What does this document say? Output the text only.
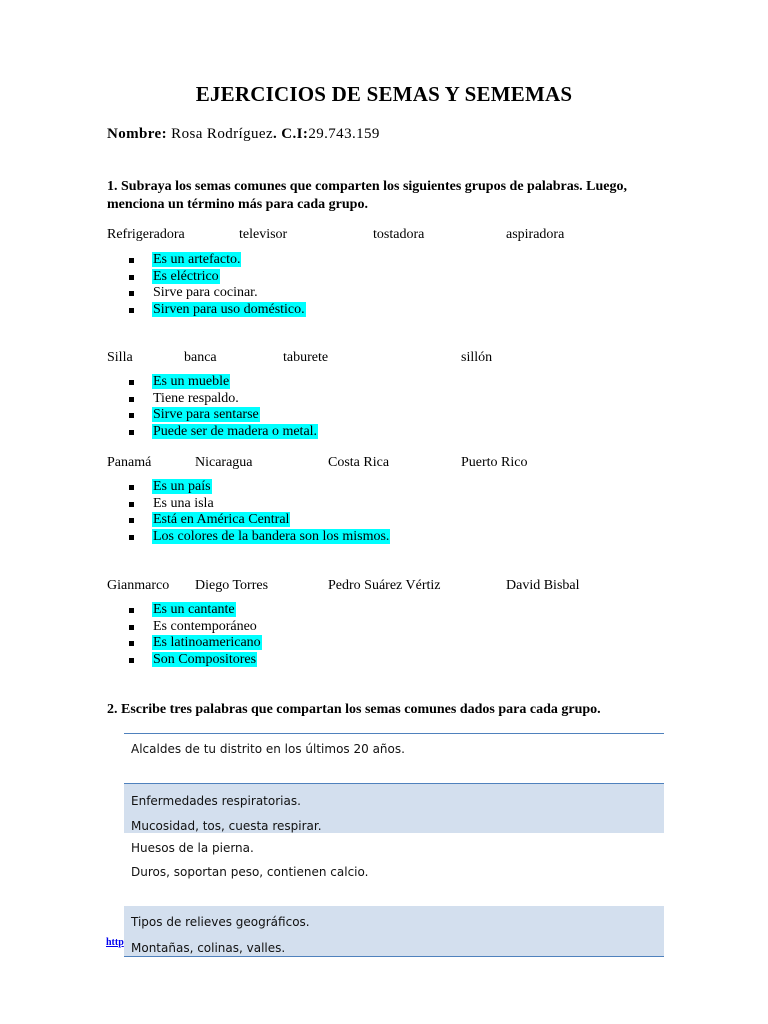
EJERCICIOS DE SEMAS Y SEMEMAS
Nombre: Rosa Rodríguez. C.I:29.743.159
1. Subraya los semas comunes que comparten los siguientes grupos de palabras. Luego, menciona un término más para cada grupo.
Refrigeradora	televisor	tostadora	aspiradora
Es un artefacto.
Es eléctrico
Sirve para cocinar.
Sirven para uso doméstico.
Silla	banca	taburete	sillón
Es un mueble
Tiene respaldo.
Sirve para sentarse
Puede ser de madera o metal.
Panamá	Nicaragua	Costa Rica	Puerto Rico
Es un país
Es una isla
Está en América Central
Los colores de la bandera son los mismos.
Gianmarco Diego Torres	Pedro Suárez Vértiz	David Bisbal
Es un cantante
Es contemporáneo
Es latinoamericano
Son Compositores
2. Escribe tres palabras que compartan los semas comunes dados para cada grupo.
Alcaldes de tu distrito en los últimos 20 años.
Enfermedades respiratorias.
Mucosidad, tos, cuesta respirar.
Huesos de la pierna.
Duros, soportan peso, contienen calcio.
Tipos de relieves geográficos.
Montañas, colinas, valles.
http
